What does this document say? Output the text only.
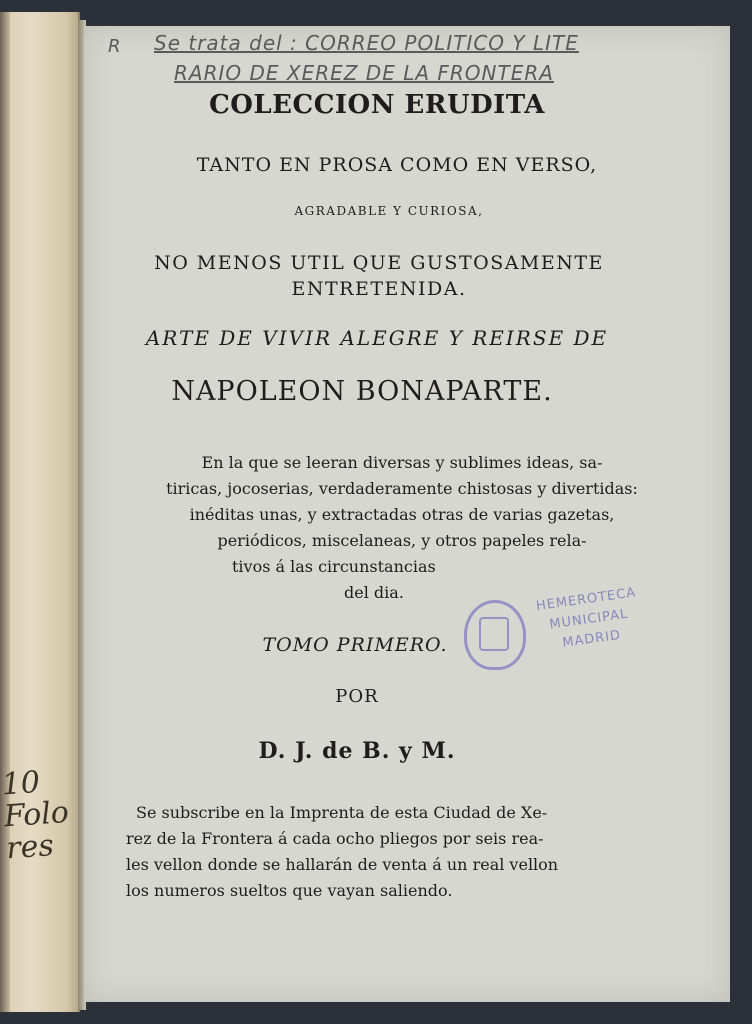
10
Folo
res
R	Se trata del : CORREO POLITICO Y LITE
RARIO DE XEREZ DE LA FRONTERA
COLECCION ERUDITA
TANTO EN PROSA COMO EN VERSO,
AGRADABLE Y CURIOSA,
NO MENOS UTIL QUE GUSTOSAMENTE
ENTRETENIDA.
ARTE DE VIVIR ALEGRE Y REIRSE DE
NAPOLEON BONAPARTE.
En la que se leeran diversas y sublimes ideas, sa-
tiricas, jocoserias, verdaderamente chistosas y divertidas:
inéditas unas, y extractadas otras de varias gazetas,
periódicos, miscelaneas, y otros papeles rela-
tivos á las circunstancias
del dia.	HEMEROTECA
MUNICIPAL
MADRID
TOMO PRIMERO.
POR
D. J. de B. y M.
Se subscribe en la Imprenta de esta Ciudad de Xe-
rez de la Frontera á cada ocho pliegos por seis rea-
les vellon donde se hallarán de venta á un real vellon
los numeros sueltos que vayan saliendo.
